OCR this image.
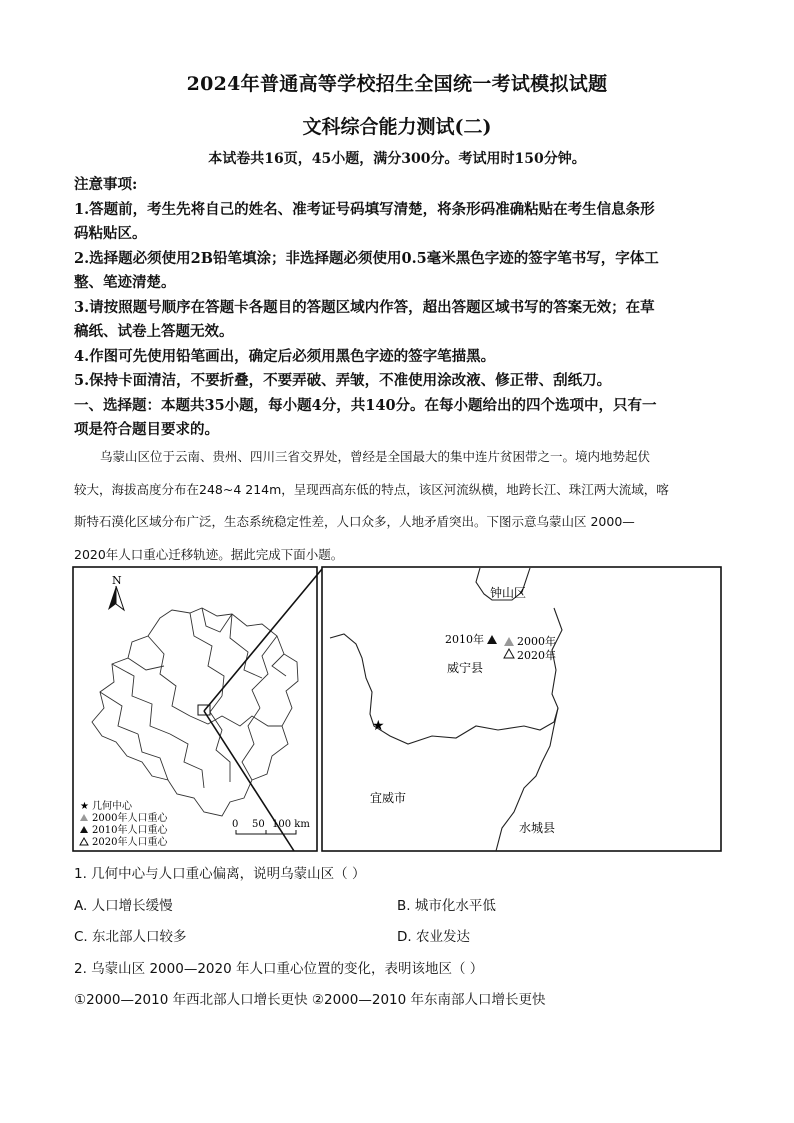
2024年普通高等学校招生全国统一考试模拟试题
文科综合能力测试(二)
本试卷共16页，45小题，满分300分。考试用时150分钟。

注意事项:

1.答题前，考生先将自己的姓名、准考证号码填写清楚，将条形码准确粘贴在考生信息条形

码粘贴区。

2.选择题必须使用2B铅笔填涂；非选择题必须使用0.5毫米黑色字迹的签字笔书写，字体工

整、笔迹清楚。

3.请按照题号顺序在答题卡各题目的答题区域内作答，超出答题区域书写的答案无效；在草

稿纸、试卷上答题无效。

4.作图可先使用铅笔画出，确定后必须用黑色字迹的签字笔描黑。

5.保持卡面清洁，不要折叠，不要弄破、弄皱，不准使用涂改液、修正带、刮纸刀。

一、选择题：本题共35小题，每小题4分，共140分。在每小题给出的四个选项中，只有一

项是符合题目要求的。

乌蒙山区位于云南、贵州、四川三省交界处，曾经是全国最大的集中连片贫困带之一。境内地势起伏
较大，海拔高度分布在248~4 214m，呈现西高东低的特点，该区河流纵横，地跨长江、珠江两大流域，喀
斯特石漠化区域分布广泛，生态系统稳定性差，人口众多，人地矛盾突出。下图示意乌蒙山区 2000—
2020年人口重心迁移轨迹。据此完成下面小题。
N
★ 几何中心
2000年人口重心
2010年人口重心
2020年人口重心
0 50 100 km
钟山区
2010年	2000年
2020年
威宁县
★
宜威市
水城县
1. 几何中心与人口重心偏离，说明乌蒙山区（ ）
A. 人口增长缓慢	B. 城市化水平低
C. 东北部人口较多	D. 农业发达
2. 乌蒙山区 2000—2020 年人口重心位置的变化，表明该地区（ ）
①2000—2010 年西北部人口增长更快 ②2000—2010 年东南部人口增长更快
